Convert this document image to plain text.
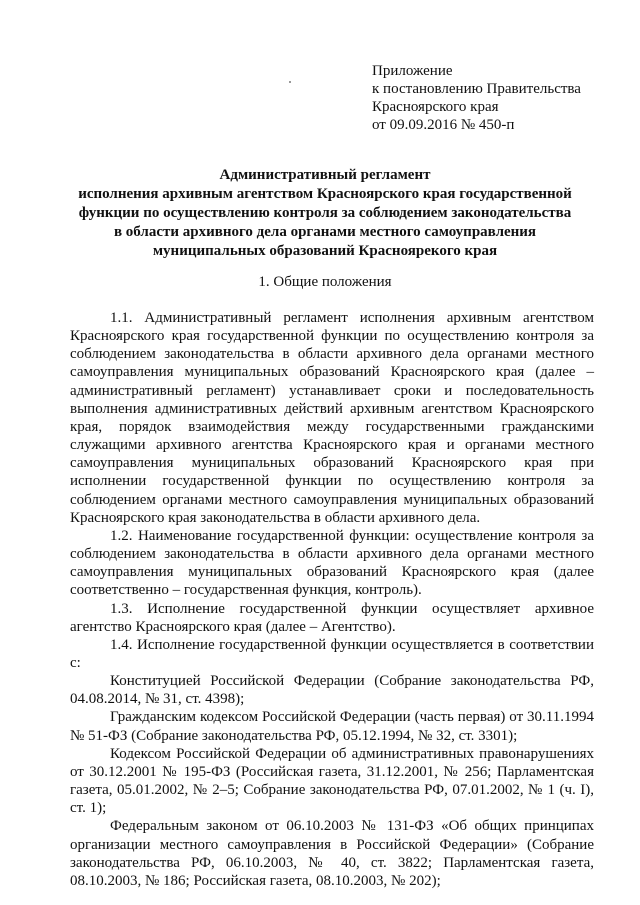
Приложение
к постановлению Правительства
Красноярского края
от 09.09.2016 № 450-п
Административный регламент
исполнения архивным агентством Красноярского края государственной
функции по осуществлению контроля за соблюдением законодательства
в области архивного дела органами местного самоуправления
муниципальных образований Красноярекого края
1. Общие положения

1.1. Административный регламент исполнения архивным агентством Красноярского края государственной функции по осуществлению контроля за соблюдением законодательства в области архивного дела органами местного самоуправления муниципальных образований Красноярского края (далее – административный регламент) устанавливает сроки и последовательность выполнения административных действий архивным агентством Красноярского края, порядок взаимодействия между государственными гражданскими служащими архивного агентства Красноярского края и органами местного самоуправления муниципальных образований Красноярского края при исполнении государственной функции по осуществлению контроля за соблюдением органами местного самоуправления муниципальных образований Красноярского края законодательства в области архивного дела.

1.2. Наименование государственной функции: осуществление контроля за соблюдением законодательства в области архивного дела органами местного самоуправления муниципальных образований Красноярского края (далее соответственно – государственная функция, контроль).

1.3. Исполнение государственной функции осуществляет архивное агентство Красноярского края (далее – Агентство).

1.4. Исполнение государственной функции осуществляется в соответствии с:

Конституцией Российской Федерации (Собрание законодательства РФ, 04.08.2014, № 31, ст. 4398);

Гражданским кодексом Российской Федерации (часть первая) от 30.11.1994 № 51-ФЗ (Собрание законодательства РФ, 05.12.1994, № 32, ст. 3301);

Кодексом Российской Федерации об административных правонарушениях от 30.12.2001 № 195-ФЗ (Российская газета, 31.12.2001, № 256; Парламентская газета, 05.01.2002, № 2–5; Собрание законодательства РФ, 07.01.2002, № 1 (ч. I), ст. 1);

Федеральным законом от 06.10.2003 № 131-ФЗ «Об общих принципах организации местного самоуправления в Российской Федерации» (Собрание законодательства РФ, 06.10.2003, № 40, ст. 3822; Парламентская газета, 08.10.2003, № 186; Российская газета, 08.10.2003, № 202);
